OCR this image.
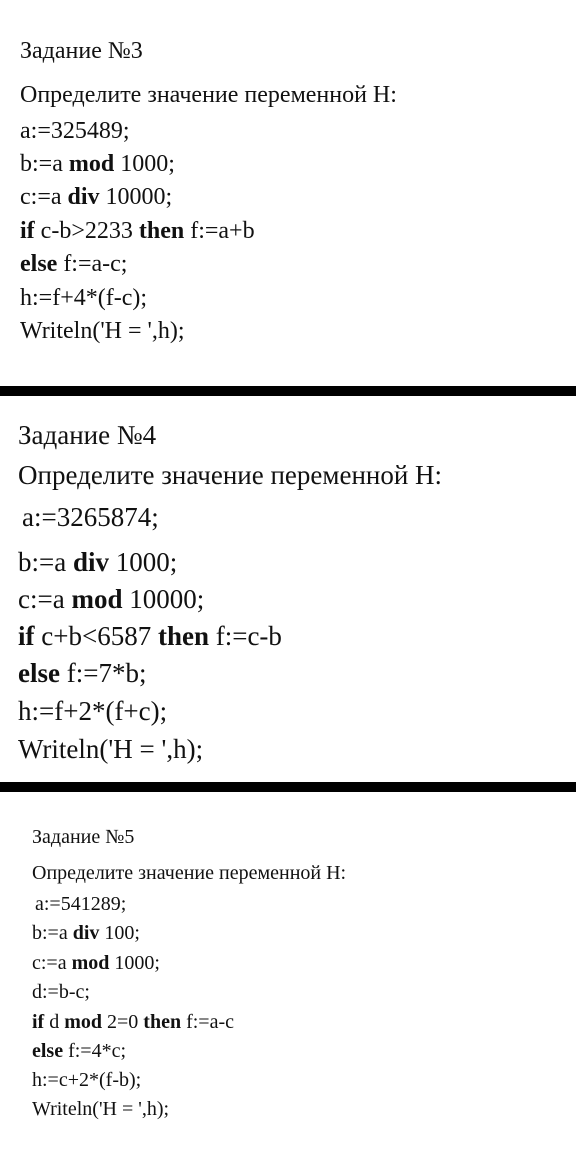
Задание №3
Определите значение переменной H:
a:=325489;
b:=a mod 1000;
c:=a div 10000;
if c-b>2233 then f:=a+b
else f:=a-c;
h:=f+4*(f-c);
Writeln('H = ',h);
Задание №4
Определите значение переменной H:
a:=3265874;
b:=a div 1000;
c:=a mod 10000;
if c+b<6587 then f:=c-b
else f:=7*b;
h:=f+2*(f+c);
Writeln('H = ',h);
Задание №5
Определите значение переменной H:
a:=541289;
b:=a div 100;
c:=a mod 1000;
d:=b-c;
if d mod 2=0 then f:=a-c
else f:=4*c;
h:=c+2*(f-b);
Writeln('H = ',h);
